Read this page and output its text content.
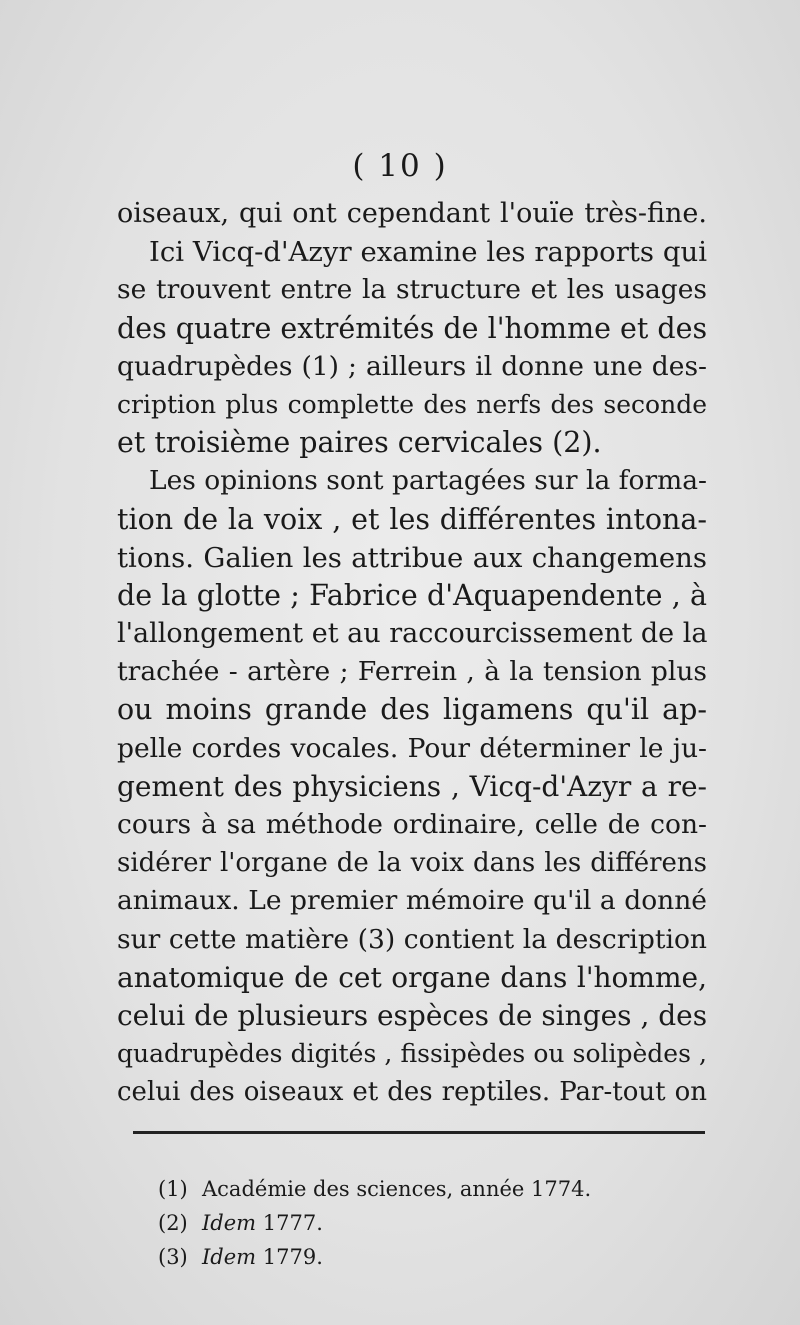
( 10 )
oiseaux, qui ont cependant l'ouïe très-fine.
Ici Vicq-d'Azyr examine les rapports qui
se trouvent entre la structure et les usages
des quatre extrémités de l'homme et des
quadrupèdes (1) ; ailleurs il donne une des-
cription plus complette des nerfs des seconde
et troisième paires cervicales (2).
Les opinions sont partagées sur la forma-
tion de la voix , et les différentes intona-
tions. Galien les attribue aux changemens
de la glotte ; Fabrice d'Aquapendente , à
l'allongement et au raccourcissement de la
trachée - artère ; Ferrein , à la tension plus
ou moins grande des ligamens qu'il ap-
pelle cordes vocales. Pour déterminer le ju-
gement des physiciens , Vicq-d'Azyr a re-
cours à sa méthode ordinaire, celle de con-
sidérer l'organe de la voix dans les différens
animaux. Le premier mémoire qu'il a donné
sur cette matière (3) contient la description
anatomique de cet organe dans l'homme,
celui de plusieurs espèces de singes , des
quadrupèdes digités , fissipèdes ou solipèdes ,
celui des oiseaux et des reptiles. Par-tout on
(1) Académie des sciences, année 1774.
(2) Idem 1777.
(3) Idem 1779.
